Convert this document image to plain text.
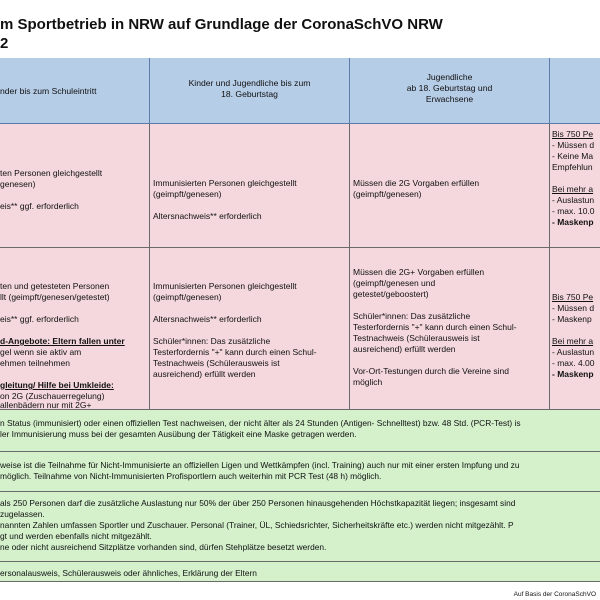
m Sportbetrieb in NRW auf Grundlage der CoronaSchVO NRW
2
nder bis zum Schuleintritt
Kinder und Jugendliche bis zum
18. Geburtstag
Jugendliche
ab 18. Geburtstag und
Erwachsene
ten Personen gleichgestellt
genesen)
eis** ggf. erforderlich
Immunisierten Personen gleichgestellt
(geimpft/genesen)
Altersnachweis** erforderlich
Müssen die 2G Vorgaben erfüllen
(geimpft/genesen)
Bis 750 Pe
- Müssen d
- Keine Ma
Empfehlun
Bei mehr a
- Auslastun
- max. 10.0
- Maskenp
ten und getesteten Personen
llt (geimpft/genesen/getestet)
eis** ggf. erforderlich
d-Angebote: Eltern fallen unter
gel wenn sie aktiv am
ehmen teilnehmen
gleitung/ Hilfe bei Umkleide:
on 2G (Zuschauerregelung)
allenbädern nur mit 2G+
Immunisierten Personen gleichgestellt
(geimpft/genesen)
Altersnachweis** erforderlich
Schüler*innen: Das zusätzliche
Testerfordernis "+" kann durch einen Schul-
Testnachweis (Schülerausweis ist
ausreichend) erfüllt werden
Müssen die 2G+ Vorgaben erfüllen
(geimpft/genesen und
getestet/geboostert)
Schüler*innen: Das zusätzliche
Testerfordernis "+" kann durch einen Schul-
Testnachweis (Schülerausweis ist
ausreichend) erfüllt werden
Vor-Ort-Testungen durch die Vereine sind
möglich
Bis 750 Pe
- Müssen d
- Maskenp
Bei mehr a
- Auslastun
- max. 4.00
- Maskenp
n Status (immunisiert) oder einen offiziellen Test nachweisen, der nicht älter als 24 Stunden (Antigen- Schnelltest) bzw. 48 Std. (PCR-Test) is
ler Immunisierung muss bei der gesamten Ausübung der Tätigkeit eine Maske getragen werden.
weise ist die Teilnahme für Nicht-Immunisierte an offiziellen Ligen und Wettkämpfen (incl. Training) auch nur mit einer ersten Impfung und zu
möglich. Teilnahme von Nicht-Immunisierten Profisportlern auch weiterhin mit PCR Test (48 h) möglich.
als 250 Personen darf die zusätzliche Auslastung nur 50% der über 250 Personen hinausgehenden Höchstkapazität liegen; insgesamt sind
zugelassen.
nannten Zahlen umfassen Sportler und Zuschauer. Personal (Trainer, ÜL, Schiedsrichter, Sicherheitskräfte etc.) werden nicht mitgezählt. P
gt und werden ebenfalls nicht mitgezählt.
ne oder nicht ausreichend Sitzplätze vorhanden sind, dürfen Stehplätze besetzt werden.
ersonalausweis, Schülerausweis oder ähnliches, Erklärung der Eltern
Auf Basis der CoronaSchVO
